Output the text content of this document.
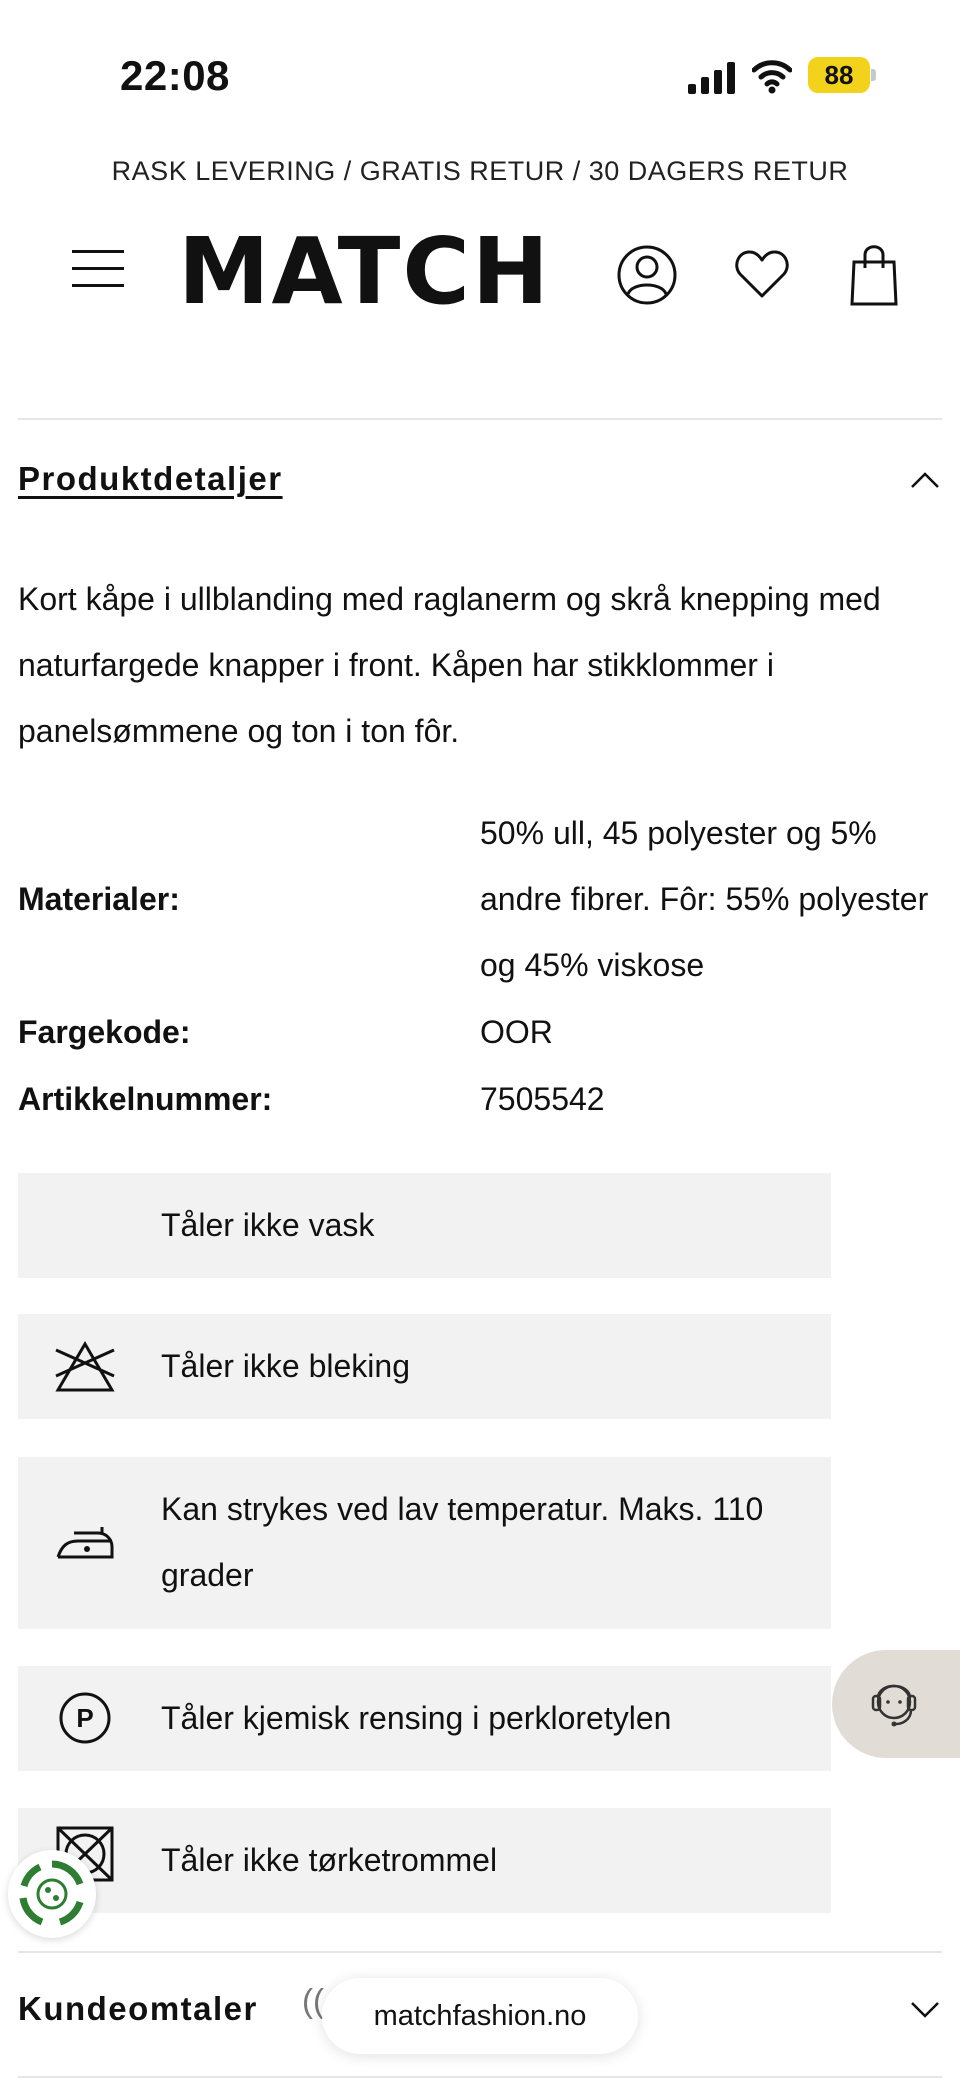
22:08	88
RASK LEVERING / GRATIS RETUR / 30 DAGERS RETUR
MATCH
Produktdetaljer
Kort kåpe i ullblanding med raglanerm og skrå knepping med naturfargede knapper i front. Kåpen har stikklommer i panelsømmene og ton i ton fôr.
Materialer:
50% ull, 45 polyester og 5% andre fibrer. Fôr: 55% polyester og 45% viskose
Fargekode:	OOR
Artikkelnummer:	7505542
Tåler ikke vask
Tåler ikke bleking
Kan strykes ved lav temperatur. Maks. 110 grader
P Tåler kjemisk rensing i perkloretylen
Tåler ikke tørketrommel
Kundeomtaler ((	matchfashion.no
